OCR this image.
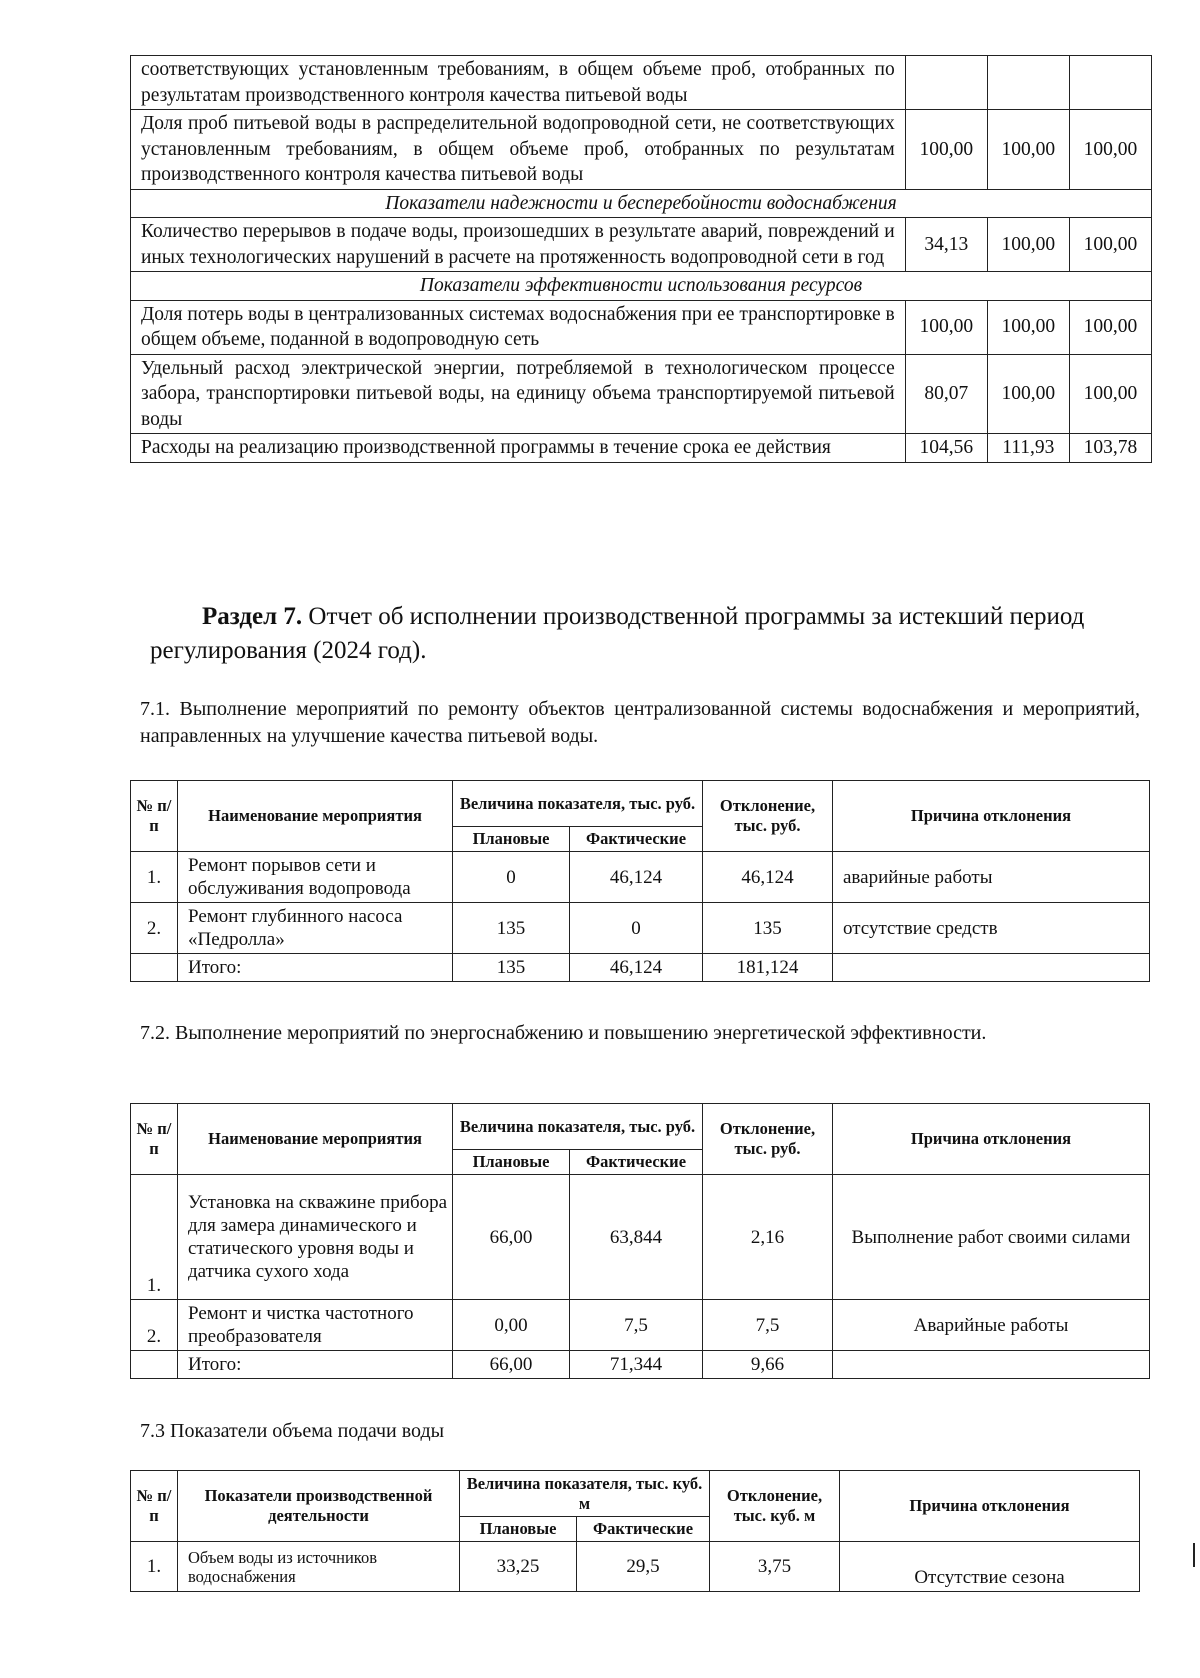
соответствующих установленным требованиям, в общем объеме проб, отобранных по результатам производственного контроля качества питьевой воды			
Доля проб питьевой воды в распределительной водопроводной сети, не соответствующих установленным требованиям, в общем объеме проб, отобранных по результатам производственного контроля качества питьевой воды	100,00	100,00	100,00
Показатели надежности и бесперебойности водоснабжения			
Количество перерывов в подаче воды, произошедших в результате аварий, повреждений и иных технологических нарушений в расчете на протяженность водопроводной сети в год	34,13	100,00	100,00
Показатели эффективности использования ресурсов			
Доля потерь воды в централизованных системах водоснабжения при ее транспортировке в общем объеме, поданной в водопроводную сеть	100,00	100,00	100,00
Удельный расход электрической энергии, потребляемой в технологическом процессе забора, транспортировки питьевой воды, на единицу объема транспортируемой питьевой воды	80,07	100,00	100,00
Расходы на реализацию производственной программы в течение срока ее действия	104,56	111,93	103,78
Раздел 7. Отчет об исполнении производственной программы за истекший период регулирования (2024 год).
7.1. Выполнение мероприятий по ремонту объектов централизованной системы водоснабжения и мероприятий, направленных на улучшение качества питьевой воды.
№ п/п	Наименование мероприятия	Величина показателя, тыс. руб.		Отклонение, тыс. руб.	Причина отклонения
		Плановые	Фактические		
1.	Ремонт порывов сети и обслуживания водопровода	0	46,124	46,124	аварийные работы
2.	Ремонт глубинного насоса «Педролла»	135	0	135	отсутствие средств
	Итого:	135	46,124	181,124	
7.2. Выполнение мероприятий по энергоснабжению и повышению энергетической эффективности.
№ п/п	Наименование мероприятия	Величина показателя, тыс. руб.		Отклонение, тыс. руб.	Причина отклонения
		Плановые	Фактические		
1.	Установка на скважине прибора для замера динамического и статического уровня воды и датчика сухого хода	66,00	63,844	2,16	Выполнение работ своими силами
2.	Ремонт и чистка частотного преобразователя	0,00	7,5	7,5	Аварийные работы
	Итого:	66,00	71,344	9,66	
7.3 Показатели объема подачи воды
№ п/п	Показатели производственной деятельности	Величина показателя, тыс. куб. м		Отклонение, тыс. куб. м	Причина отклонения
		Плановые	Фактические		
1.	Объем воды из источников водоснабжения	33,25	29,5	3,75	Отсутствие сезона
